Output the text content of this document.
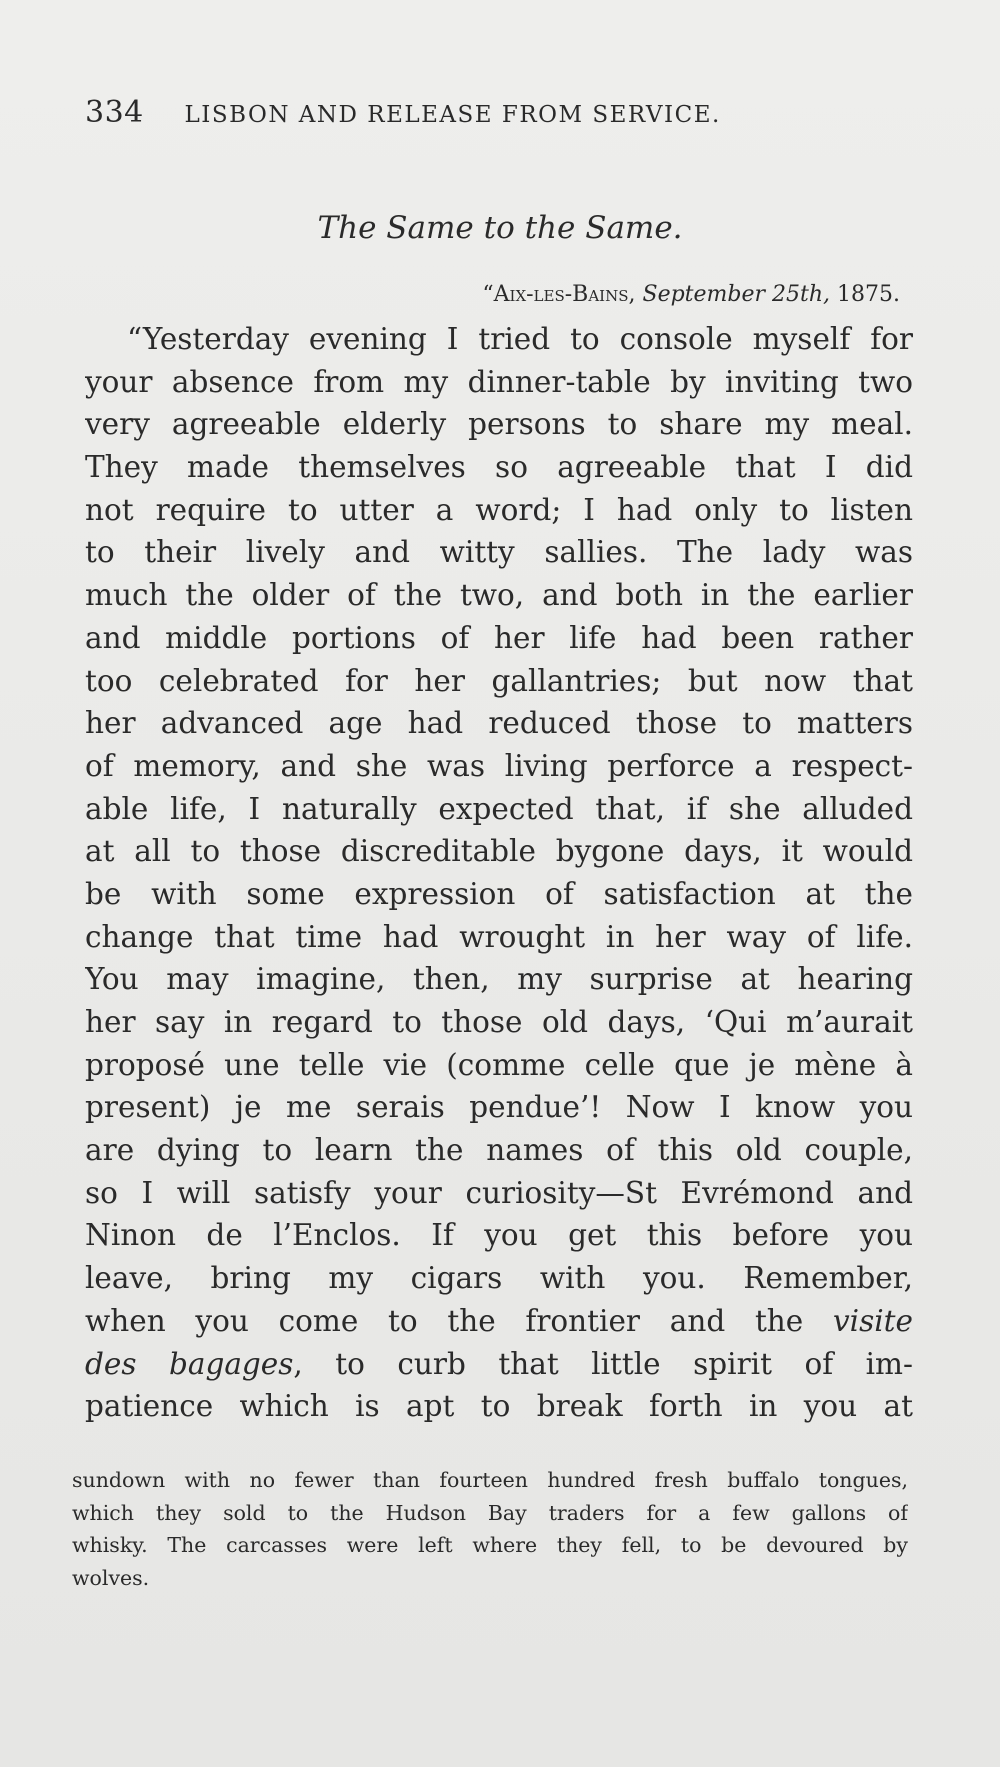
334 LISBON AND RELEASE FROM SERVICE.
The Same to the Same.
“Aix-les-Bains, September 25th, 1875.
“Yesterday evening I tried to console myself for
your absence from my dinner-table by inviting two
very agreeable elderly persons to share my meal.
They made themselves so agreeable that I did
not require to utter a word; I had only to listen
to their lively and witty sallies. The lady was
much the older of the two, and both in the earlier
and middle portions of her life had been rather
too celebrated for her gallantries; but now that
her advanced age had reduced those to matters
of memory, and she was living perforce a respect-
able life, I naturally expected that, if she alluded
at all to those discreditable bygone days, it would
be with some expression of satisfaction at the
change that time had wrought in her way of life.
You may imagine, then, my surprise at hearing
her say in regard to those old days, ‘Qui m’aurait
proposé une telle vie (comme celle que je mène à
present) je me serais pendue’! Now I know you
are dying to learn the names of this old couple,
so I will satisfy your curiosity—St Evrémond and
Ninon de l’Enclos. If you get this before you
leave, bring my cigars with you. Remember,
when you come to the frontier and the visite
des bagages, to curb that little spirit of im-
patience which is apt to break forth in you at
sundown with no fewer than fourteen hundred fresh buffalo tongues,
which they sold to the Hudson Bay traders for a few gallons of
whisky. The carcasses were left where they fell, to be devoured by
wolves.
